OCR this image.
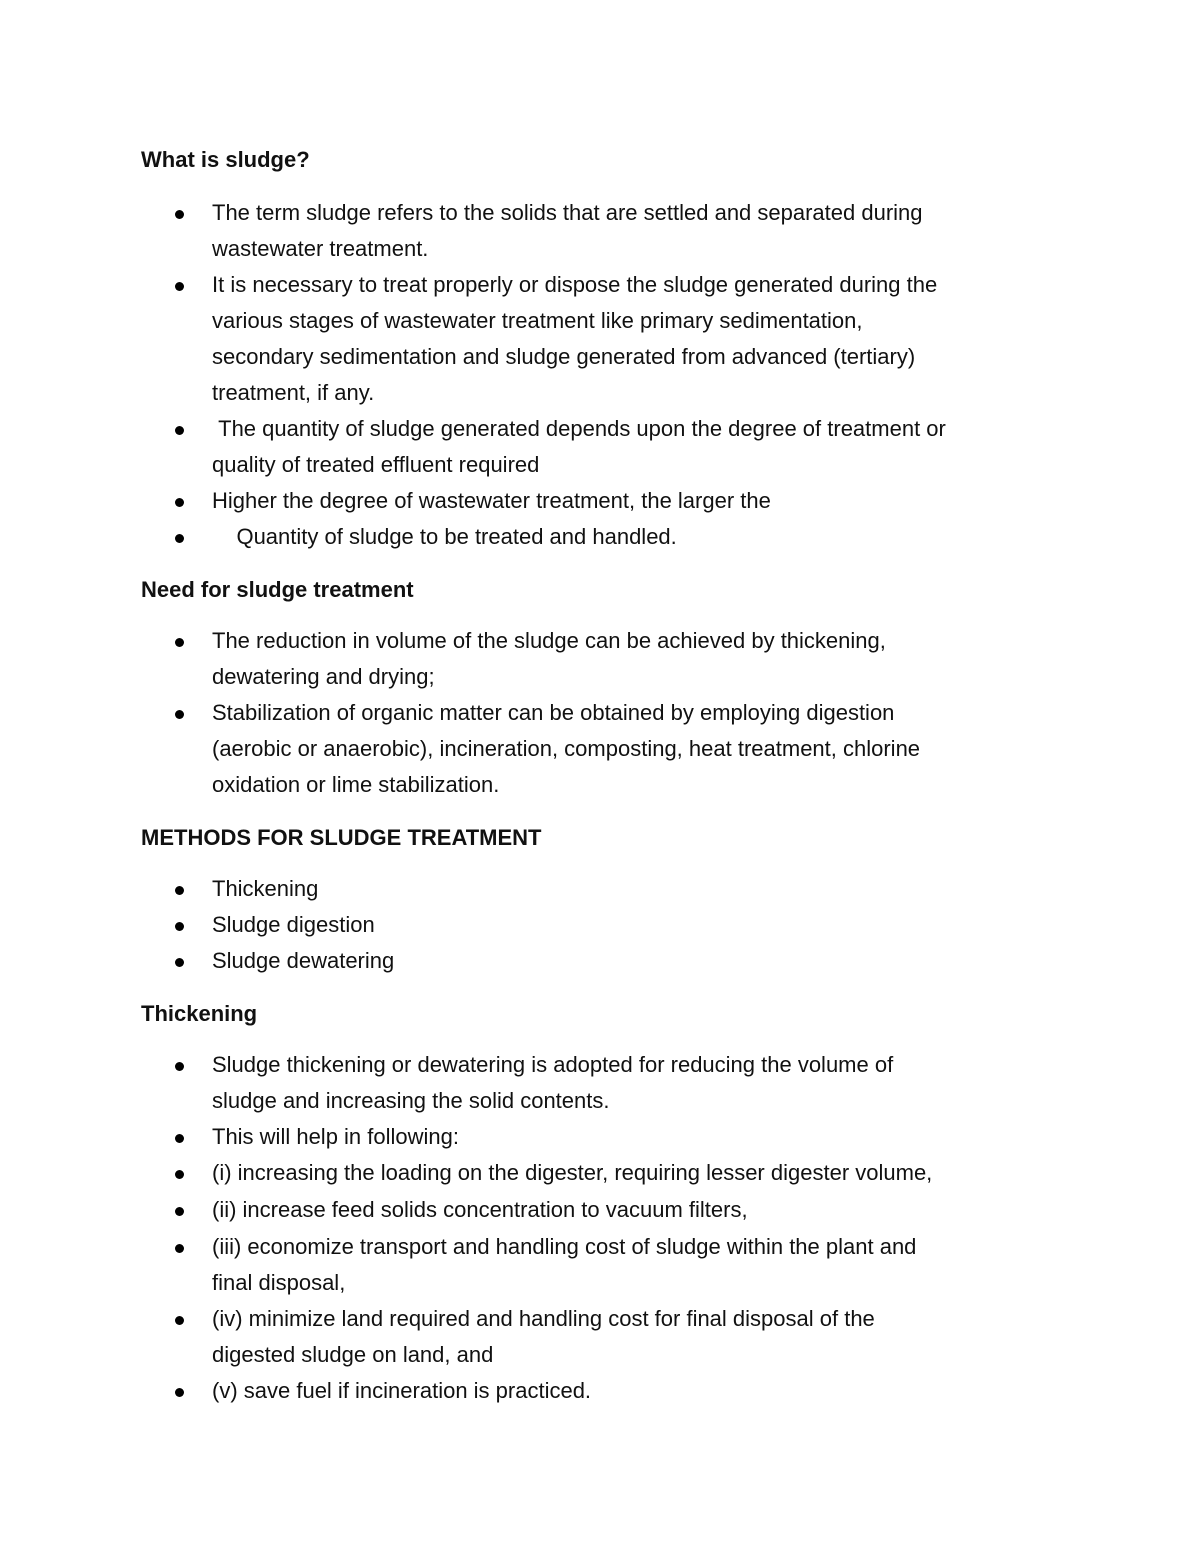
What is sludge?
The term sludge refers to the solids that are settled and separated during
wastewater treatment.
It is necessary to treat properly or dispose the sludge generated during the
various stages of wastewater treatment like primary sedimentation,
secondary sedimentation and sludge generated from advanced (tertiary)
treatment, if any.
The quantity of sludge generated depends upon the degree of treatment or
quality of treated effluent required
Higher the degree of wastewater treatment, the larger the
Quantity of sludge to be treated and handled.
Need for sludge treatment
The reduction in volume of the sludge can be achieved by thickening,
dewatering and drying;
Stabilization of organic matter can be obtained by employing digestion
(aerobic or anaerobic), incineration, composting, heat treatment, chlorine
oxidation or lime stabilization.
METHODS FOR SLUDGE TREATMENT
Thickening
Sludge digestion
Sludge dewatering
Thickening
Sludge thickening or dewatering is adopted for reducing the volume of
sludge and increasing the solid contents.
This will help in following:
(i) increasing the loading on the digester, requiring lesser digester volume,
(ii) increase feed solids concentration to vacuum filters,
(iii) economize transport and handling cost of sludge within the plant and
final disposal,
(iv) minimize land required and handling cost for final disposal of the
digested sludge on land, and
(v) save fuel if incineration is practiced.
